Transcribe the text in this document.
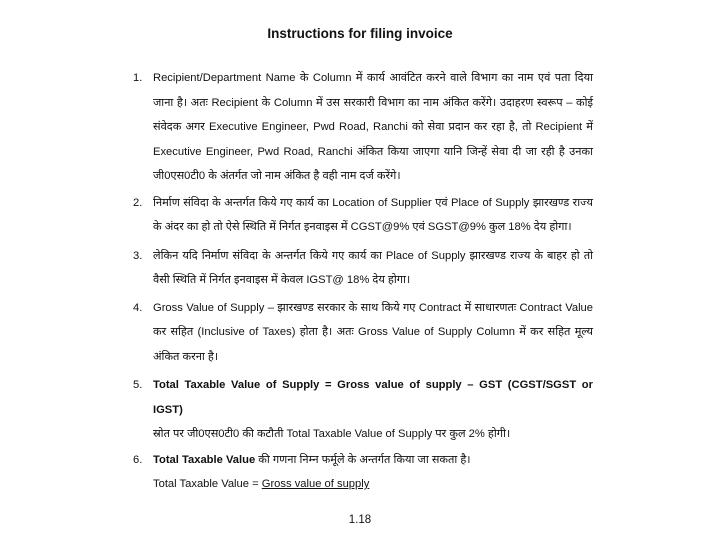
Instructions for filing invoice
1. Recipient/Department Name के Column में कार्य आवंटित करने वाले विभाग का नाम एवं पता दिया जाना है। अतः Recipient के Column में उस सरकारी विभाग का नाम अंकित करेंगे। उदाहरण स्वरूप – कोई संवेदक अगर Executive Engineer, Pwd Road, Ranchi को सेवा प्रदान कर रहा है, तो Recipient में Executive Engineer, Pwd Road, Ranchi अंकित किया जाएगा यानि जिन्हें सेवा दी जा रही है उनका जी0एस0टी0 के अंतर्गत जो नाम अंकित है वही नाम दर्ज करेंगे।

2. निर्माण संविदा के अन्तर्गत किये गए कार्य का Location of Supplier एवं Place of Supply झारखण्ड राज्य के अंदर का हो तो ऐसे स्थिति में निर्गत इनवाइस में CGST@9% एवं SGST@9% कुल 18% देय होगा।

3. लेकिन यदि निर्माण संविदा के अन्तर्गत किये गए कार्य का Place of Supply झारखण्ड राज्य के बाहर हो तो वैसी स्थिति में निर्गत इनवाइस में केवल IGST@ 18% देय होगा।

4. Gross Value of Supply – झारखण्ड सरकार के साथ किये गए Contract में साधारणतः Contract Value कर सहित (Inclusive of Taxes) होता है। अतः Gross Value of Supply Column में कर सहित मूल्य अंकित करना है।

5. Total Taxable Value of Supply = Gross value of supply – GST (CGST/SGST or IGST)
स्रोत पर जी0एस0टी0 की कटौती Total Taxable Value of Supply पर कुल 2% होगी।

6. Total Taxable Value की गणना निम्न फर्मूले के अन्तर्गत किया जा सकता है।

Total Taxable Value = Gross value of supply

1.18
